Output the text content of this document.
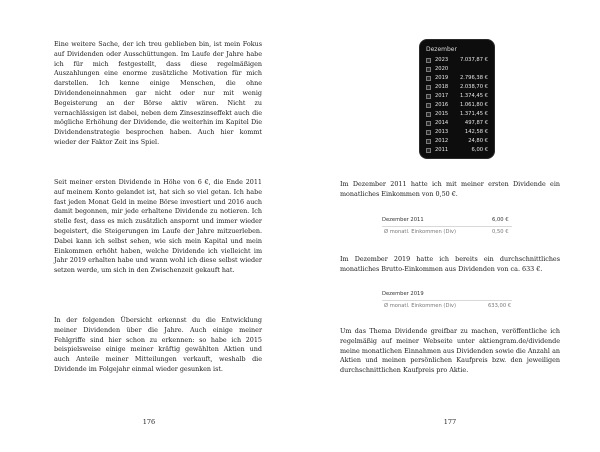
Eine weitere Sache, der ich treu geblieben bin, ist mein Fokus auf Dividenden oder Ausschüttungen. Im Laufe der Jahre habe ich für mich festgestellt, dass diese regelmäßigen Auszahlungen eine enorme zusätzliche Motivation für mich darstellen. Ich kenne einige Menschen, die ohne Dividendeneinnahmen gar nicht oder nur mit wenig Begeisterung an der Börse aktiv wären. Nicht zu vernachlässigen ist dabei, neben dem Zinseszinseffekt auch die mögliche Erhöhung der Dividende, die weiterhin im Kapitel Die Dividendenstrategie besprochen haben. Auch hier kommt wieder der Faktor Zeit ins Spiel.

Seit meiner ersten Dividende in Höhe von 6 €, die Ende 2011 auf meinem Konto gelandet ist, hat sich so viel getan. Ich habe fast jeden Monat Geld in meine Börse investiert und 2016 auch damit begonnen, mir jede erhaltene Dividende zu notieren. Ich stelle fest, dass es mich zusätzlich anspornt und immer wieder begeistert, die Steigerungen im Laufe der Jahre mitzuerleben. Dabei kann ich selbst sehen, wie sich mein Kapital und mein Einkommen erhöht haben, welche Dividende ich vielleicht im Jahr 2019 erhalten habe und wann wohl ich diese selbst wieder setzen werde, um sich in den Zwischenzeit gekauft hat.

In der folgenden Übersicht erkennst du die Entwicklung meiner Dividenden über die Jahre. Auch einige meiner Fehlgriffe sind hier schon zu erkennen: so habe ich 2015 beispielsweise einige meiner kräftig gewählten Aktien und auch Anteile meiner Mitteilungen verkauft, weshalb die Dividende im Folgejahr einmal wieder gesunken ist.

176
Dezember
2023 7.037,87 €
2020
2019 2.796,38 €
2018 2.038,70 €
2017 1.374,45 €
2016 1.061,80 €
2015 1.371,45 €
2014	497,87 €
2013	142,58 €
2012	24,80 €
2011	6,00 €

Im Dezember 2011 hatte ich mit meiner ersten Dividende ein monatliches Einkommen von 0,50 €.

Dezember 2011	6,00 €
Ø monatl. Einkommen (Div)	0,50 €

Im Dezember 2019 hatte ich bereits ein durchschnittliches monatliches Brutto-Einkommen aus Dividenden von ca. 633 €.

Dezember 2019
Ø monatl. Einkommen (Div)	633,00 €

Um das Thema Dividende greifbar zu machen, veröffentliche ich regelmäßig auf meiner Webseite unter aktiengram.de/dividende meine monatlichen Einnahmen aus Dividenden sowie die Anzahl an Aktien und meinen persönlichen Kaufpreis bzw. den jeweiligen durchschnittlichen Kaufpreis pro Aktie.

177
